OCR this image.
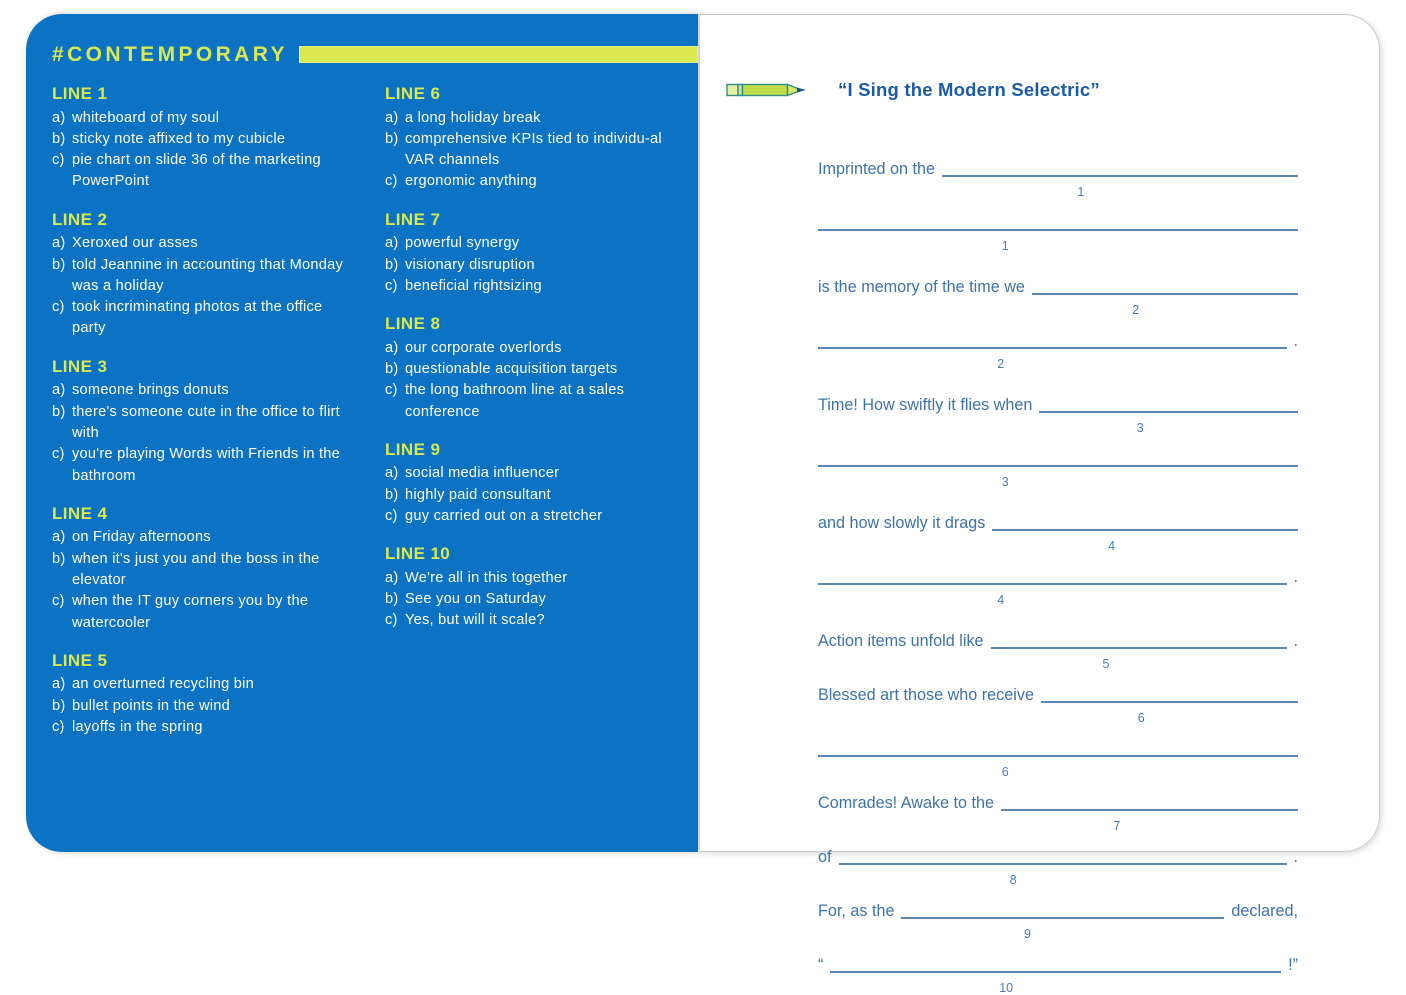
#CONTEMPORARY
LINE 1
a) whiteboard of my soul
b) sticky note affixed to my cubicle
c) pie chart on slide 36 of the marketing PowerPoint
LINE 2
a) Xeroxed our asses
b) told Jeannine in accounting that Monday was a holiday
c) took incriminating photos at the office party
LINE 3
a) someone brings donuts
b) there's someone cute in the office to flirt with
c) you're playing Words with Friends in the bathroom
LINE 4
a) on Friday afternoons
b) when it's just you and the boss in the elevator
c) when the IT guy corners you by the watercooler
LINE 5
a) an overturned recycling bin
b) bullet points in the wind
c) layoffs in the spring
LINE 6
a) a long holiday break
b) comprehensive KPIs tied to individu-al VAR channels
c) ergonomic anything
LINE 7
a) powerful synergy
b) visionary disruption
c) beneficial rightsizing
LINE 8
a) our corporate overlords
b) questionable acquisition targets
c) the long bathroom line at a sales conference
LINE 9
a) social media influencer
b) highly paid consultant
c) guy carried out on a stretcher
LINE 10
a) We're all in this together
b) See you on Saturday
c) Yes, but will it scale?
“I Sing the Modern Selectric”
Imprinted on the
1
1
is the memory of the time we
2
2
.
Time! How swiftly it flies when
3
3
and how slowly it drags
4
4
.
Action items unfold like
5
.
Blessed art those who receive
6
6
Comrades! Awake to the
7
of
8
.
For, as the
9
declared,
“
10
!”
